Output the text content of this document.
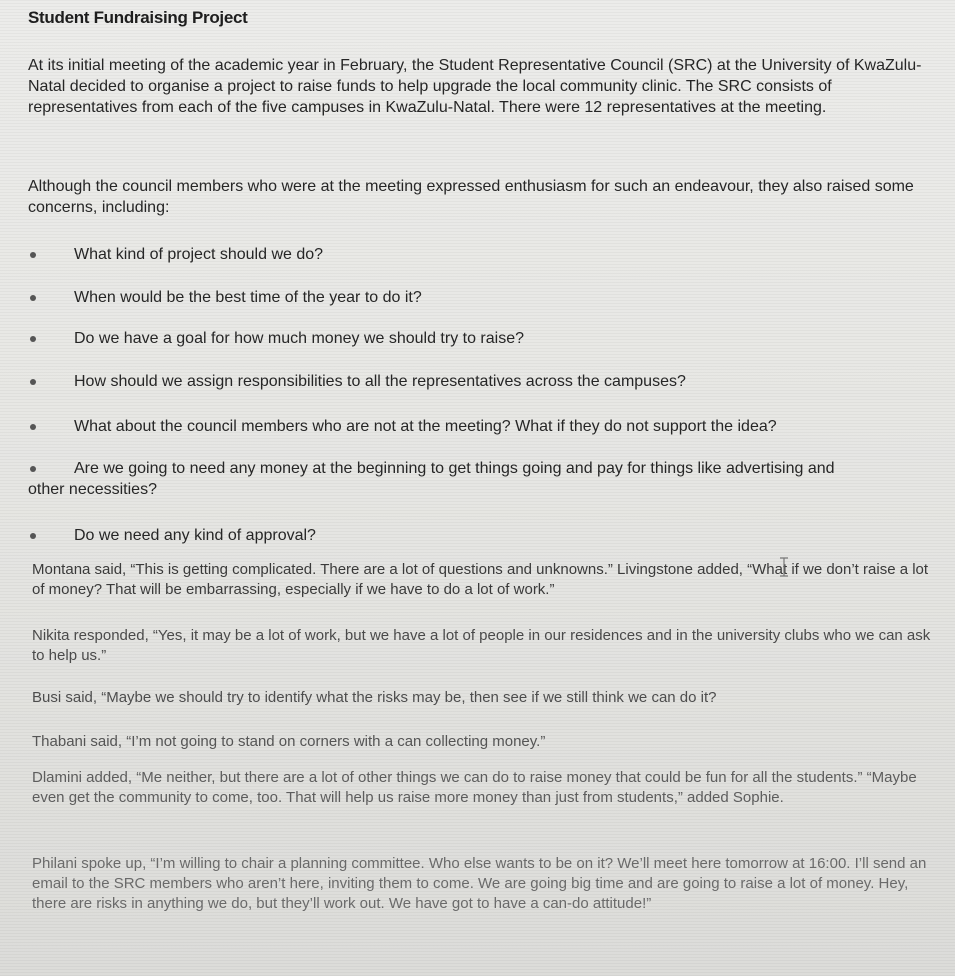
Student Fundraising Project
At its initial meeting of the academic year in February, the Student Representative Council (SRC) at the University of KwaZulu-Natal decided to organise a project to raise funds to help upgrade the local community clinic. The SRC consists of representatives from each of the five campuses in KwaZulu-Natal. There were 12 representatives at the meeting.
Although the council members who were at the meeting expressed enthusiasm for such an endeavour, they also raised some concerns, including:
What kind of project should we do?
When would be the best time of the year to do it?
Do we have a goal for how much money we should try to raise?
How should we assign responsibilities to all the representatives across the campuses?
What about the council members who are not at the meeting? What if they do not support the idea?
Are we going to need any money at the beginning to get things going and pay for things like advertising and
other necessities?
Do we need any kind of approval?
Montana said, “This is getting complicated. There are a lot of questions and unknowns.” Livingstone added, “What if we don’t raise a lot of money? That will be embarrassing, especially if we have to do a lot of work.”
Nikita responded, “Yes, it may be a lot of work, but we have a lot of people in our residences and in the university clubs who we can ask to help us.”
Busi said, “Maybe we should try to identify what the risks may be, then see if we still think we can do it?
Thabani said, “I’m not going to stand on corners with a can collecting money.”
Dlamini added, “Me neither, but there are a lot of other things we can do to raise money that could be fun for all the students.” “Maybe even get the community to come, too. That will help us raise more money than just from students,” added Sophie.
Philani spoke up, “I’m willing to chair a planning committee. Who else wants to be on it? We’ll meet here tomorrow at 16:00. I’ll send an email to the SRC members who aren’t here, inviting them to come. We are going big time and are going to raise a lot of money. Hey, there are risks in anything we do, but they’ll work out. We have got to have a can-do attitude!”
